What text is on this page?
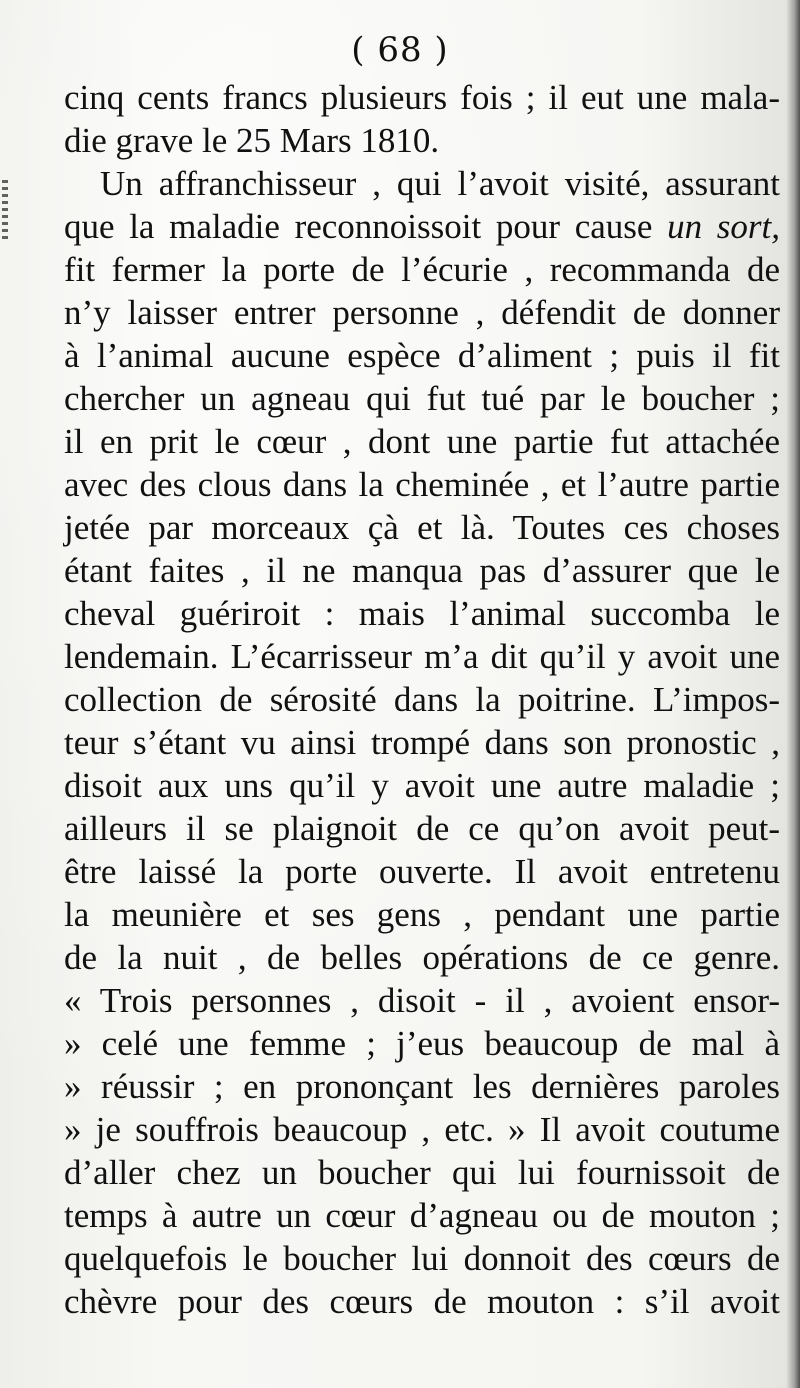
( 68 )
cinq cents francs plusieurs fois ; il eut une mala-
die grave le 25 Mars 1810.
Un affranchisseur , qui l’avoit visité, assurant
que la maladie reconnoissoit pour cause un sort,
fit fermer la porte de l’écurie , recommanda de
n’y laisser entrer personne , défendit de donner
à l’animal aucune espèce d’aliment ; puis il fit
chercher un agneau qui fut tué par le boucher ;
il en prit le cœur , dont une partie fut attachée
avec des clous dans la cheminée , et l’autre partie
jetée par morceaux çà et là. Toutes ces choses
étant faites , il ne manqua pas d’assurer que le
cheval guériroit : mais l’animal succomba le
lendemain. L’écarrisseur m’a dit qu’il y avoit une
collection de sérosité dans la poitrine. L’impos-
teur s’étant vu ainsi trompé dans son pronostic ,
disoit aux uns qu’il y avoit une autre maladie ;
ailleurs il se plaignoit de ce qu’on avoit peut-
être laissé la porte ouverte. Il avoit entretenu
la meunière et ses gens , pendant une partie
de la nuit , de belles opérations de ce genre.
« Trois personnes , disoit - il , avoient ensor-
» celé une femme ; j’eus beaucoup de mal à
» réussir ; en prononçant les dernières paroles
» je souffrois beaucoup , etc. » Il avoit coutume
d’aller chez un boucher qui lui fournissoit de
temps à autre un cœur d’agneau ou de mouton ;
quelquefois le boucher lui donnoit des cœurs de
chèvre pour des cœurs de mouton : s’il avoit
